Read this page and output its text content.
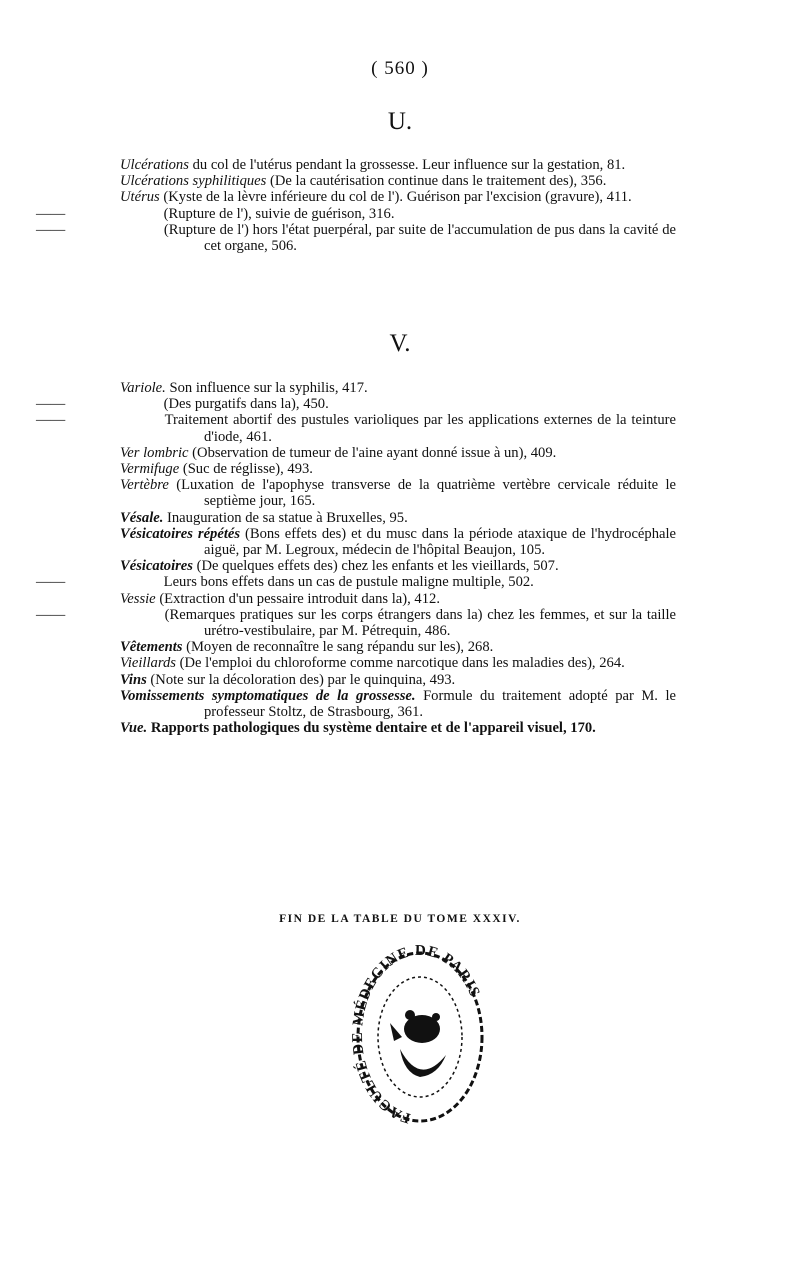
( 560 )
U.
Ulcérations du col de l'utérus pendant la grossesse. Leur influence sur la gestation, 81.
Ulcérations syphilitiques (De la cautérisation continue dans le traitement des), 356.
Utérus (Kyste de la lèvre inférieure du col de l'). Guérison par l'excision (gravure), 411.
——	(Rupture de l'), suivie de guérison, 316.
——	(Rupture de l') hors l'état puerpéral, par suite de l'accumulation de pus dans la cavité de cet organe, 506.
V.
Variole. Son influence sur la syphilis, 417.
——	(Des purgatifs dans la), 450.
——	Traitement abortif des pustules varioliques par les applications externes de la teinture d'iode, 461.
Ver lombric (Observation de tumeur de l'aine ayant donné issue à un), 409.
Vermifuge (Suc de réglisse), 493.
Vertèbre (Luxation de l'apophyse transverse de la quatrième vertèbre cervicale réduite le septième jour, 165.
Vésale. Inauguration de sa statue à Bruxelles, 95.
Vésicatoires répétés (Bons effets des) et du musc dans la période ataxique de l'hydrocéphale aiguë, par M. Legroux, médecin de l'hôpital Beaujon, 105.
Vésicatoires (De quelques effets des) chez les enfants et les vieillards, 507.
——	Leurs bons effets dans un cas de pustule maligne multiple, 502.
Vessie (Extraction d'un pessaire introduit dans la), 412.
——	(Remarques pratiques sur les corps étrangers dans la) chez les femmes, et sur la taille urétro-vestibulaire, par M. Pétrequin, 486.
Vêtements (Moyen de reconnaître le sang répandu sur les), 268.
Vieillards (De l'emploi du chloroforme comme narcotique dans les maladies des), 264.
Vins (Note sur la décoloration des) par le quinquina, 493.
Vomissements symptomatiques de la grossesse. Formule du traitement adopté par M. le professeur Stoltz, de Strasbourg, 361.
Vue. Rapports pathologiques du système dentaire et de l'appareil visuel, 170.
FIN DE LA TABLE DU TOME XXXIV.
FACULTÉ DE MÉDECINE DE PARIS
